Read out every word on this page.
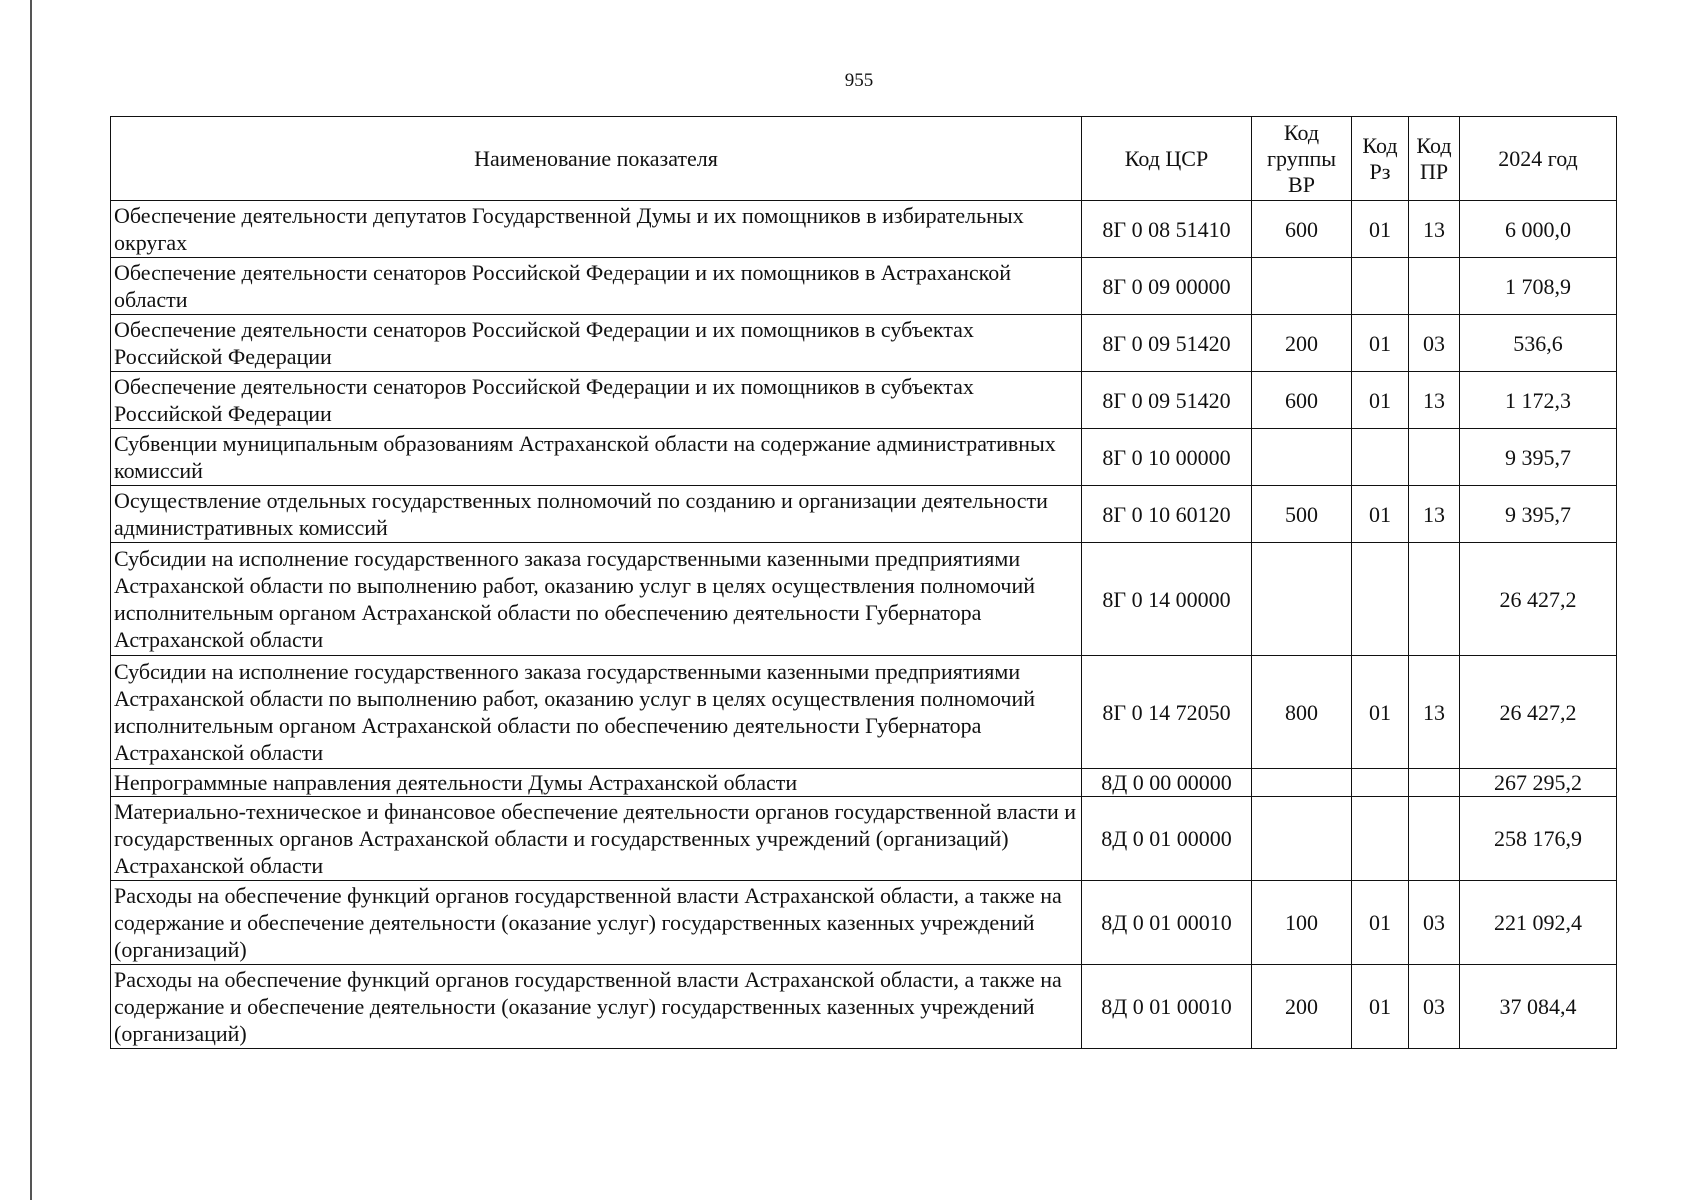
955
Наименование показателя	Код ЦСР	Код группы ВР	Код Рз	Код ПР	2024 год
Обеспечение деятельности депутатов Государственной Думы и их помощников в избирательных округах	8Г 0 08 51410	600	01	13	6 000,0
Обеспечение деятельности сенаторов Российской Федерации и их помощников в Астраханской области	8Г 0 09 00000				1 708,9
Обеспечение деятельности сенаторов Российской Федерации и их помощников в субъектах Российской Федерации	8Г 0 09 51420	200	01	03	536,6
Обеспечение деятельности сенаторов Российской Федерации и их помощников в субъектах Российской Федерации	8Г 0 09 51420	600	01	13	1 172,3
Субвенции муниципальным образованиям Астраханской области на содержание административных комиссий	8Г 0 10 00000				9 395,7
Осуществление отдельных государственных полномочий по созданию и организации деятельности административных комиссий	8Г 0 10 60120	500	01	13	9 395,7
Субсидии на исполнение государственного заказа государственными казенными предприятиями Астраханской области по выполнению работ, оказанию услуг в целях осуществления полномочий исполнительным органом Астраханской области по обеспечению деятельности Губернатора Астраханской области	8Г 0 14 00000				26 427,2
Субсидии на исполнение государственного заказа государственными казенными предприятиями Астраханской области по выполнению работ, оказанию услуг в целях осуществления полномочий исполнительным органом Астраханской области по обеспечению деятельности Губернатора Астраханской области	8Г 0 14 72050	800	01	13	26 427,2
Непрограммные направления деятельности Думы Астраханской области	8Д 0 00 00000				267 295,2
Материально-техническое и финансовое обеспечение деятельности органов государственной власти и государственных органов Астраханской области и государственных учреждений (организаций) Астраханской области	8Д 0 01 00000				258 176,9
Расходы на обеспечение функций органов государственной власти Астраханской области, а также на содержание и обеспечение деятельности (оказание услуг) государственных казенных учреждений (организаций)	8Д 0 01 00010	100	01	03	221 092,4
Расходы на обеспечение функций органов государственной власти Астраханской области, а также на содержание и обеспечение деятельности (оказание услуг) государственных казенных учреждений (организаций)	8Д 0 01 00010	200	01	03	37 084,4
